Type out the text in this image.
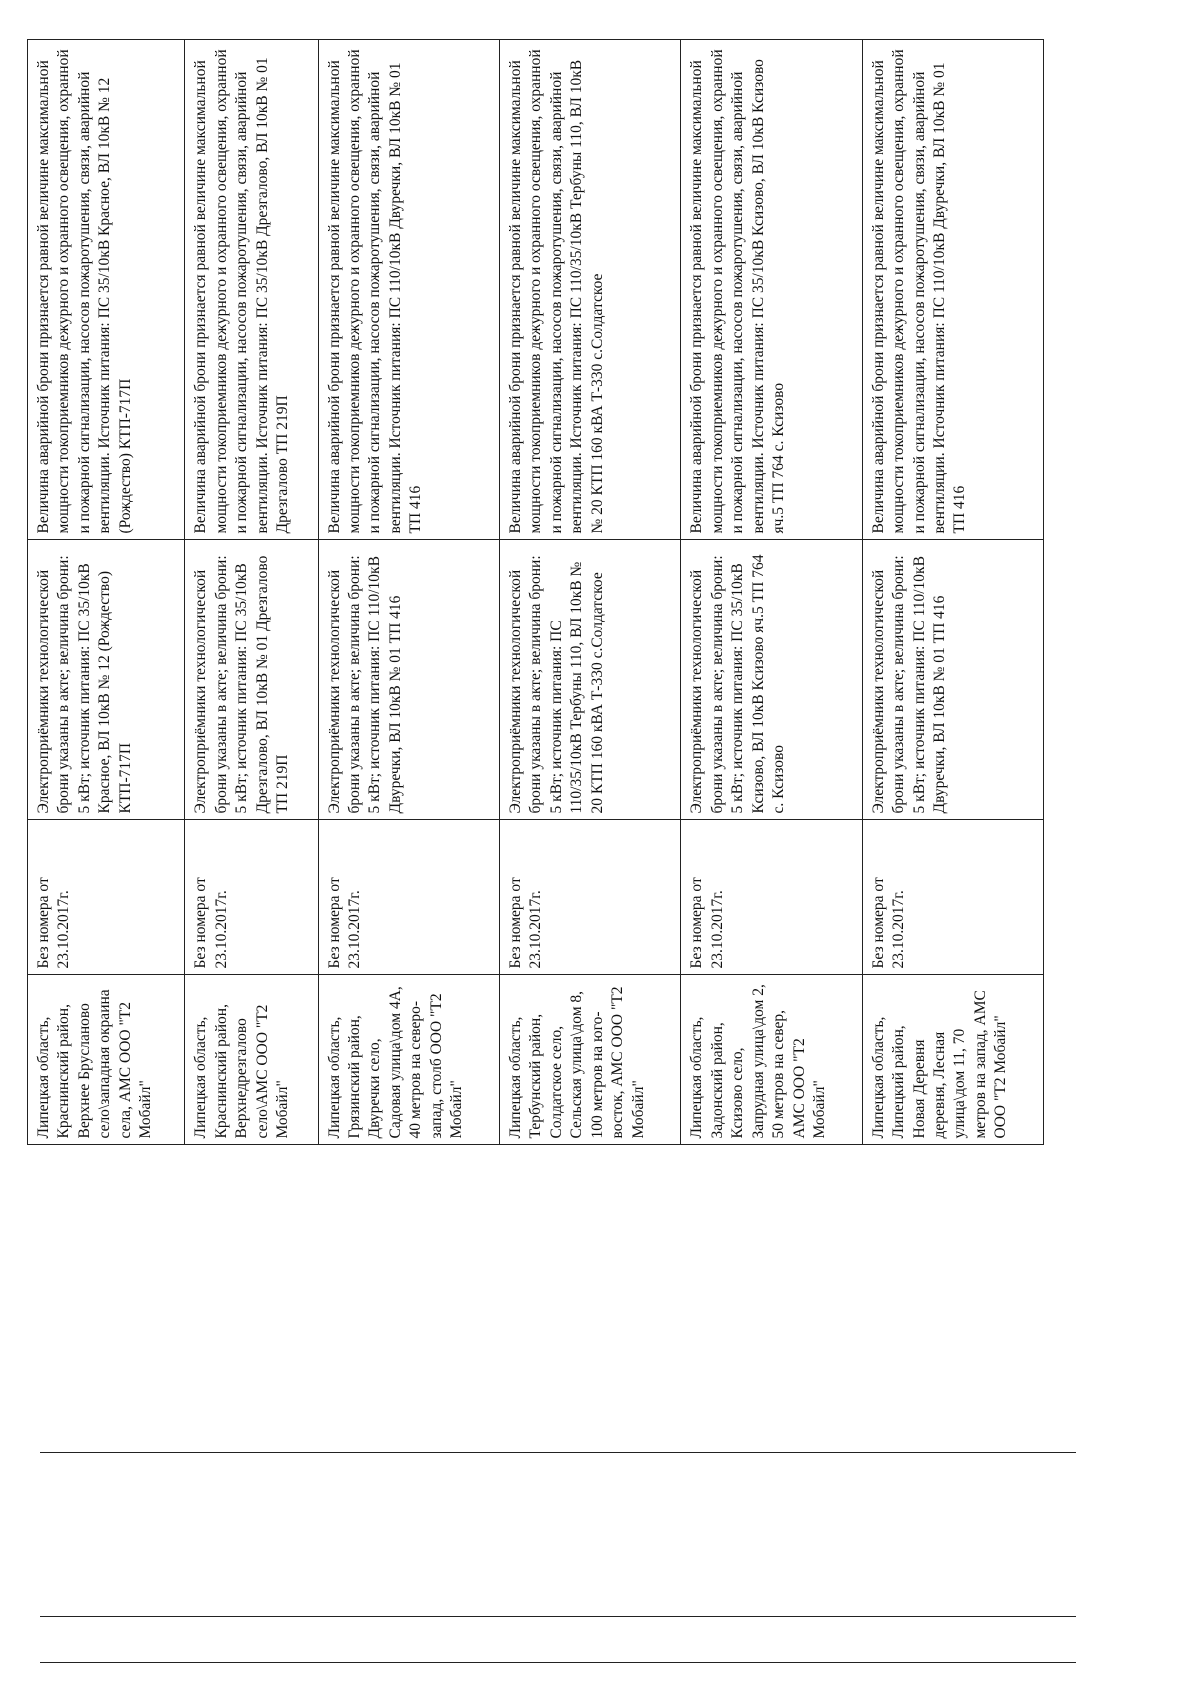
	Липецкая область, Краснинский район, Верхнее Брусланово село\западная окраина села, АМС ООО "Т2 Мобайл"	Без номера от 23.10.2017г.	Электроприёмники технологической брони указаны в акте; величина брони: 5 кВт; источник питания: ПС 35/10кВ Красное, ВЛ 10кВ № 12 (Рождество) КТП-717П	Величина аварийной брони признается равной величине максимальной мощности токоприемников дежурного и охранного освещения, охранной и пожарной сигнализации, насосов пожаротушения, связи, аварийной вентиляции. Источник питания: ПС 35/10кВ Красное, ВЛ 10кВ № 12 (Рождество) КТП-717П
	Липецкая область, Краснинский район, Верхнедрезгалово село\АМС ООО "Т2 Мобайл"	Без номера от 23.10.2017г.	Электроприёмники технологической брони указаны в акте; величина брони: 5 кВт; источник питания: ПС 35/10кВ Дрезгалово, ВЛ 10кВ № 01 Дрезгалово ТП 219П	Величина аварийной брони признается равной величине максимальной мощности токоприемников дежурного и охранного освещения, охранной и пожарной сигнализации, насосов пожаротушения, связи, аварийной вентиляции. Источник питания: ПС 35/10кВ Дрезгалово, ВЛ 10кВ № 01 Дрезгалово ТП 219П
	Липецкая область, Грязинский район, Двуречки село, Садовая улица\дом 4А, 40 метров на северо-запад, столб ООО "Т2 Мобайл"	Без номера от 23.10.2017г.	Электроприёмники технологической брони указаны в акте; величина брони: 5 кВт; источник питания: ПС 110/10кВ Двуречки, ВЛ 10кВ № 01 ТП 416	Величина аварийной брони признается равной величине максимальной мощности токоприемников дежурного и охранного освещения, охранной и пожарной сигнализации, насосов пожаротушения, связи, аварийной вентиляции. Источник питания: ПС 110/10кВ Двуречки, ВЛ 10кВ № 01 ТП 416
	Липецкая область, Тербунский район, Солдатское село, Сельская улица\дом 8, 100 метров на юго-восток, АМС ООО "Т2 Мобайл"	Без номера от 23.10.2017г.	Электроприёмники технологической брони указаны в акте; величина брони: 5 кВт; источник питания: ПС 110/35/10кВ Тербуны 110, ВЛ 10кВ № 20 КТП 160 кВА Т-330 с.Солдатское	Величина аварийной брони признается равной величине максимальной мощности токоприемников дежурного и охранного освещения, охранной и пожарной сигнализации, насосов пожаротушения, связи, аварийной вентиляции. Источник питания: ПС 110/35/10кВ Тербуны 110, ВЛ 10кВ № 20 КТП 160 кВА Т-330 с.Солдатское
	Липецкая область, Задонский район, Ксизово село, Запрудная улица\дом 2, 50 метров на север, АМС ООО "Т2 Мобайл"	Без номера от 23.10.2017г.	Электроприёмники технологической брони указаны в акте; величина брони: 5 кВт; источник питания: ПС 35/10кВ Ксизово, ВЛ 10кВ Ксизово яч.5 ТП 764 с. Ксизово	Величина аварийной брони признается равной величине максимальной мощности токоприемников дежурного и охранного освещения, охранной и пожарной сигнализации, насосов пожаротушения, связи, аварийной вентиляции. Источник питания: ПС 35/10кВ Ксизово, ВЛ 10кВ Ксизово яч.5 ТП 764 с. Ксизово
	Липецкая область, Липецкий район, Новая Деревня деревня, Лесная улица\дом 11, 70 метров на запад, АМС ООО "Т2 Мобайл"	Без номера от 23.10.2017г.	Электроприёмники технологической брони указаны в акте; величина брони: 5 кВт; источник питания: ПС 110/10кВ Двуречки, ВЛ 10кВ № 01 ТП 416	Величина аварийной брони признается равной величине максимальной мощности токоприемников дежурного и охранного освещения, охранной и пожарной сигнализации, насосов пожаротушения, связи, аварийной вентиляции. Источник питания: ПС 110/10кВ Двуречки, ВЛ 10кВ № 01 ТП 416
